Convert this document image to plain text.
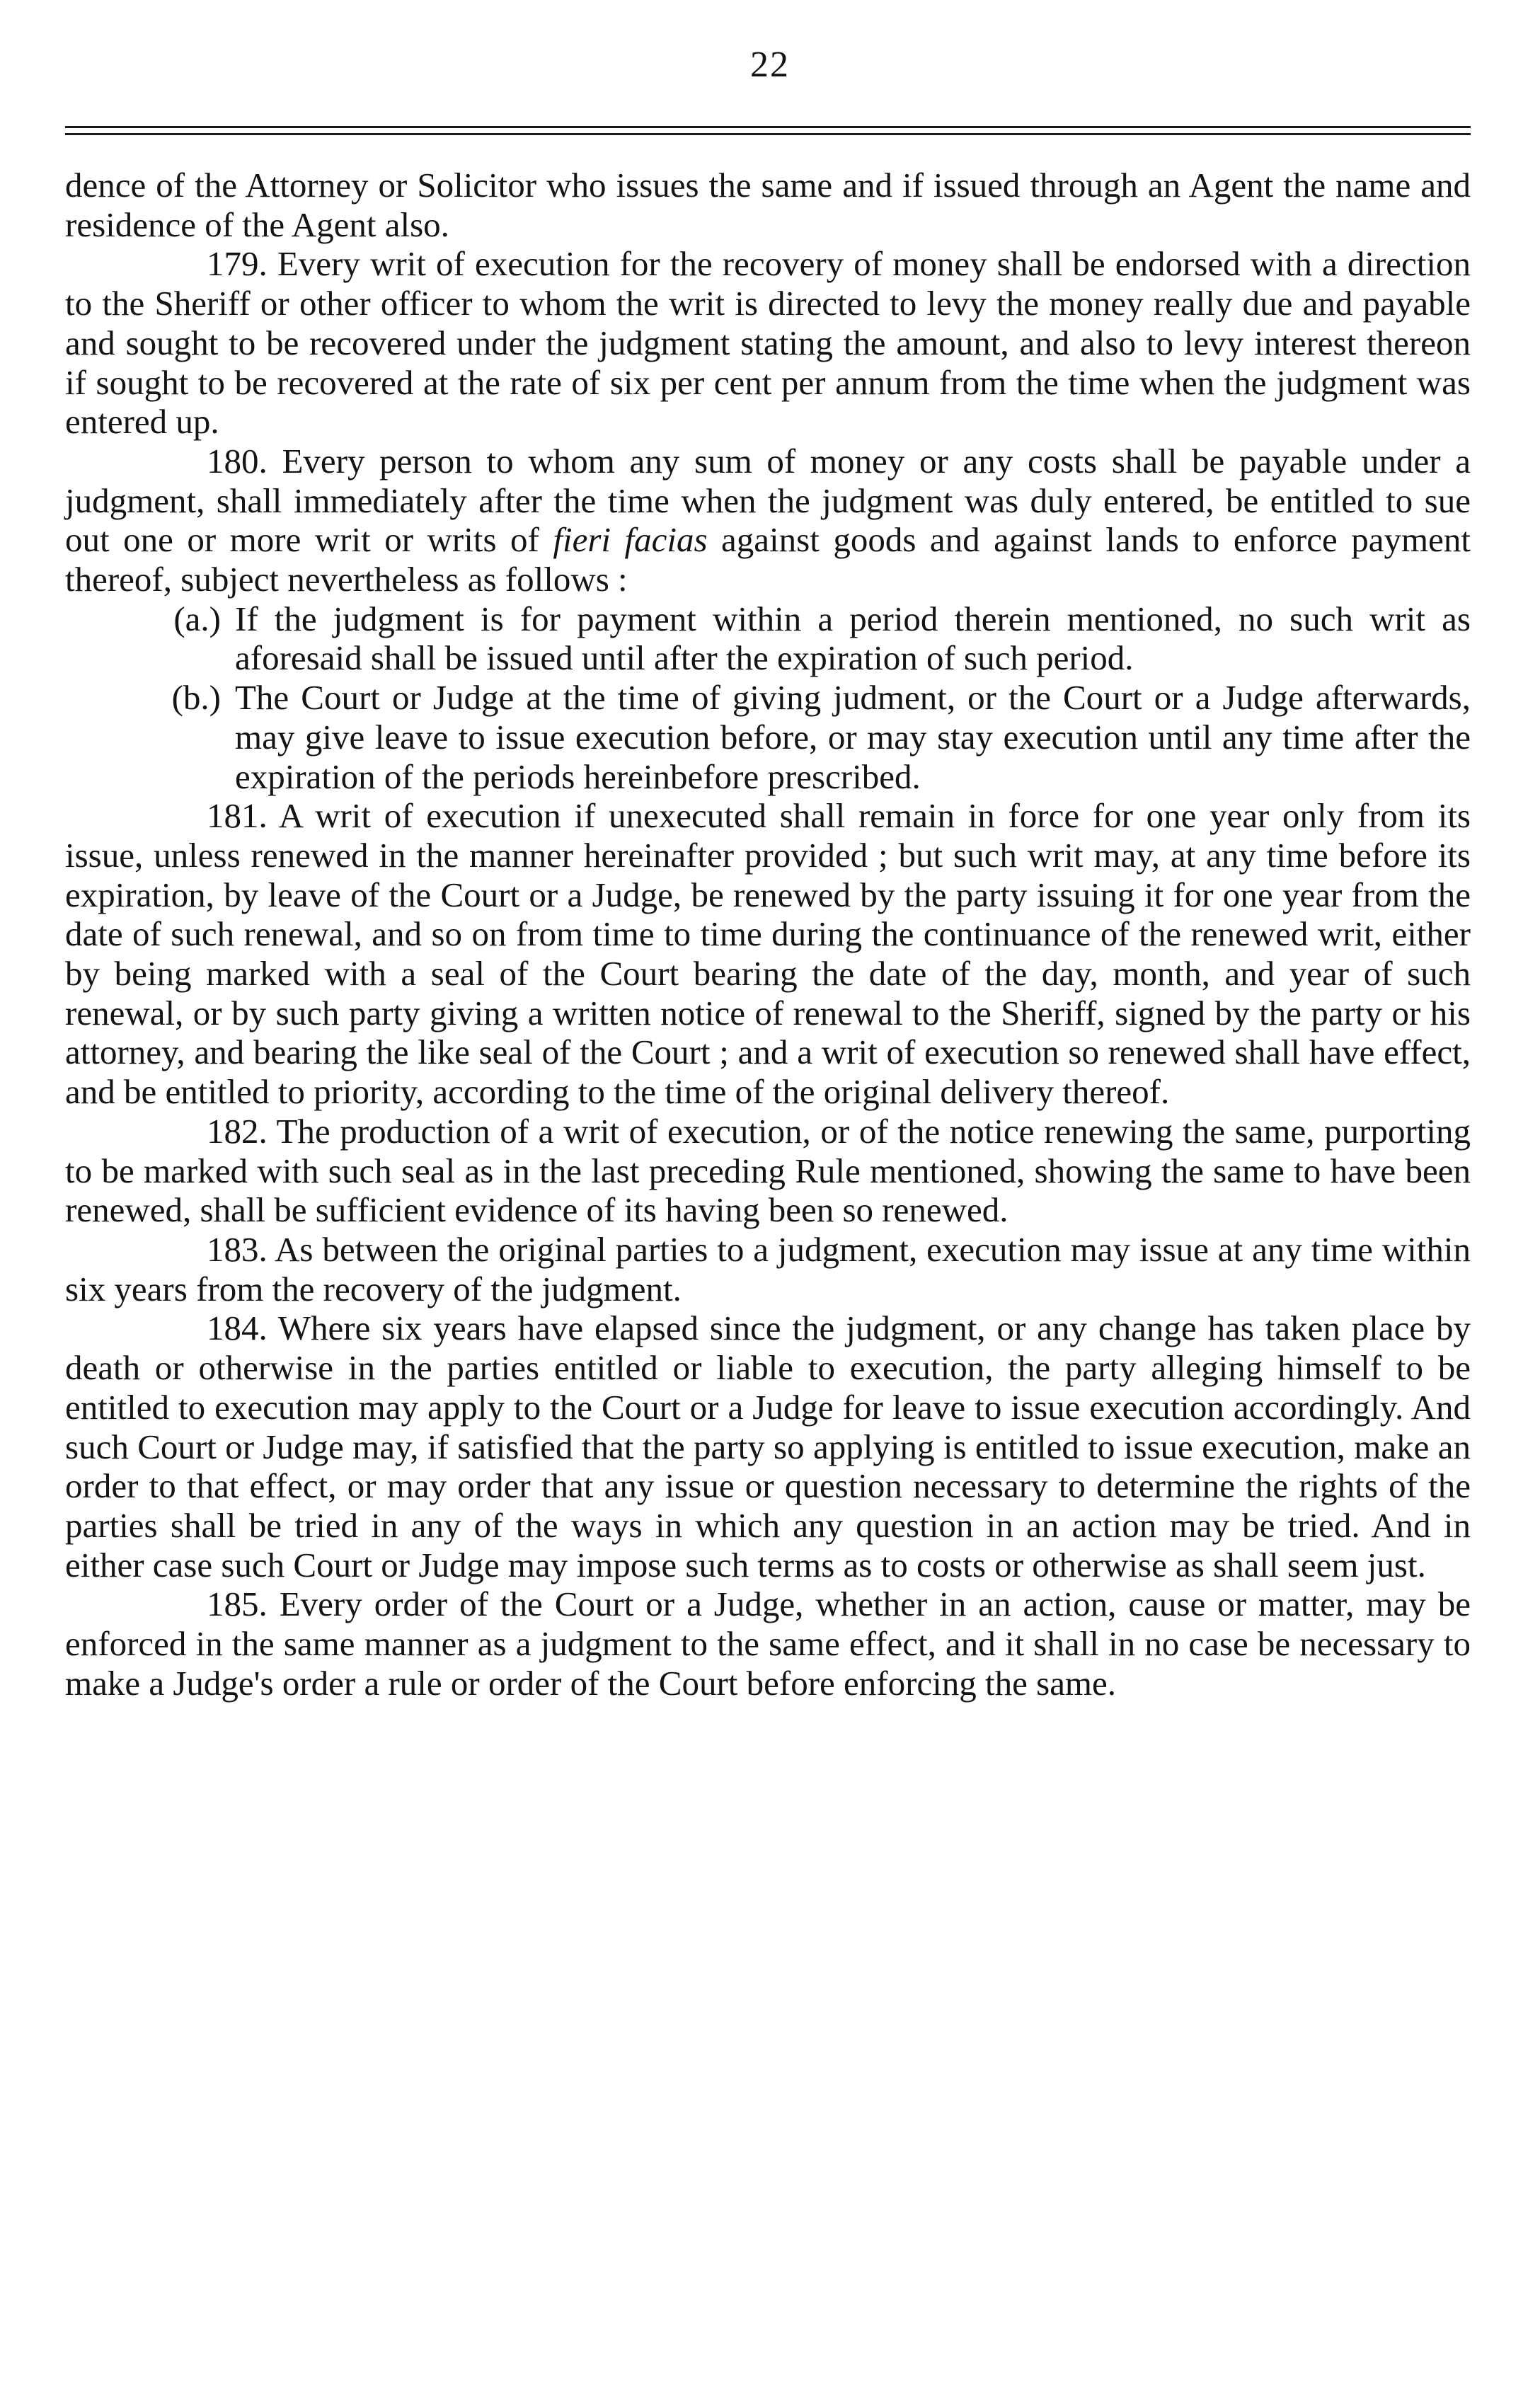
22

dence of the Attorney or Solicitor who issues the same and if issued through an Agent the name and residence of the Agent also.

179. Every writ of execution for the recovery of money shall be endorsed with a direction to the Sheriff or other officer to whom the writ is directed to levy the money really due and payable and sought to be recovered under the judgment stating the amount, and also to levy interest thereon if sought to be recovered at the rate of six per cent per annum from the time when the judgment was entered up.

180. Every person to whom any sum of money or any costs shall be payable under a judgment, shall immediately after the time when the judgment was duly entered, be entitled to sue out one or more writ or writs of fieri facias against goods and against lands to enforce payment thereof, subject nevertheless as follows :

(a.) If the judgment is for payment within a period therein mentioned, no such writ as aforesaid shall be issued until after the expiration of such period.
(b.) The Court or Judge at the time of giving judment, or the Court or a Judge afterwards, may give leave to issue execution before, or may stay execution until any time after the expiration of the periods hereinbefore prescribed.

181. A writ of execution if unexecuted shall remain in force for one year only from its issue, unless renewed in the manner hereinafter provided ; but such writ may, at any time before its expiration, by leave of the Court or a Judge, be renewed by the party issuing it for one year from the date of such renewal, and so on from time to time during the continuance of the renewed writ, either by being marked with a seal of the Court bearing the date of the day, month, and year of such renewal, or by such party giving a written notice of renewal to the Sheriff, signed by the party or his attorney, and bearing the like seal of the Court ; and a writ of execution so renewed shall have effect, and be entitled to priority, according to the time of the original delivery thereof.

182. The production of a writ of execution, or of the notice renewing the same, purporting to be marked with such seal as in the last preceding Rule mentioned, showing the same to have been renewed, shall be sufficient evidence of its having been so renewed.

183. As between the original parties to a judgment, execution may issue at any time within six years from the recovery of the judgment.

184. Where six years have elapsed since the judgment, or any change has taken place by death or otherwise in the parties entitled or liable to execution, the party alleging himself to be entitled to execution may apply to the Court or a Judge for leave to issue execution accordingly. And such Court or Judge may, if satisfied that the party so applying is entitled to issue execution, make an order to that effect, or may order that any issue or question necessary to determine the rights of the parties shall be tried in any of the ways in which any question in an action may be tried. And in either case such Court or Judge may impose such terms as to costs or otherwise as shall seem just.

185. Every order of the Court or a Judge, whether in an action, cause or matter, may be enforced in the same manner as a judgment to the same effect, and it shall in no case be necessary to make a Judge's order a rule or order of the Court before enforcing the same.
